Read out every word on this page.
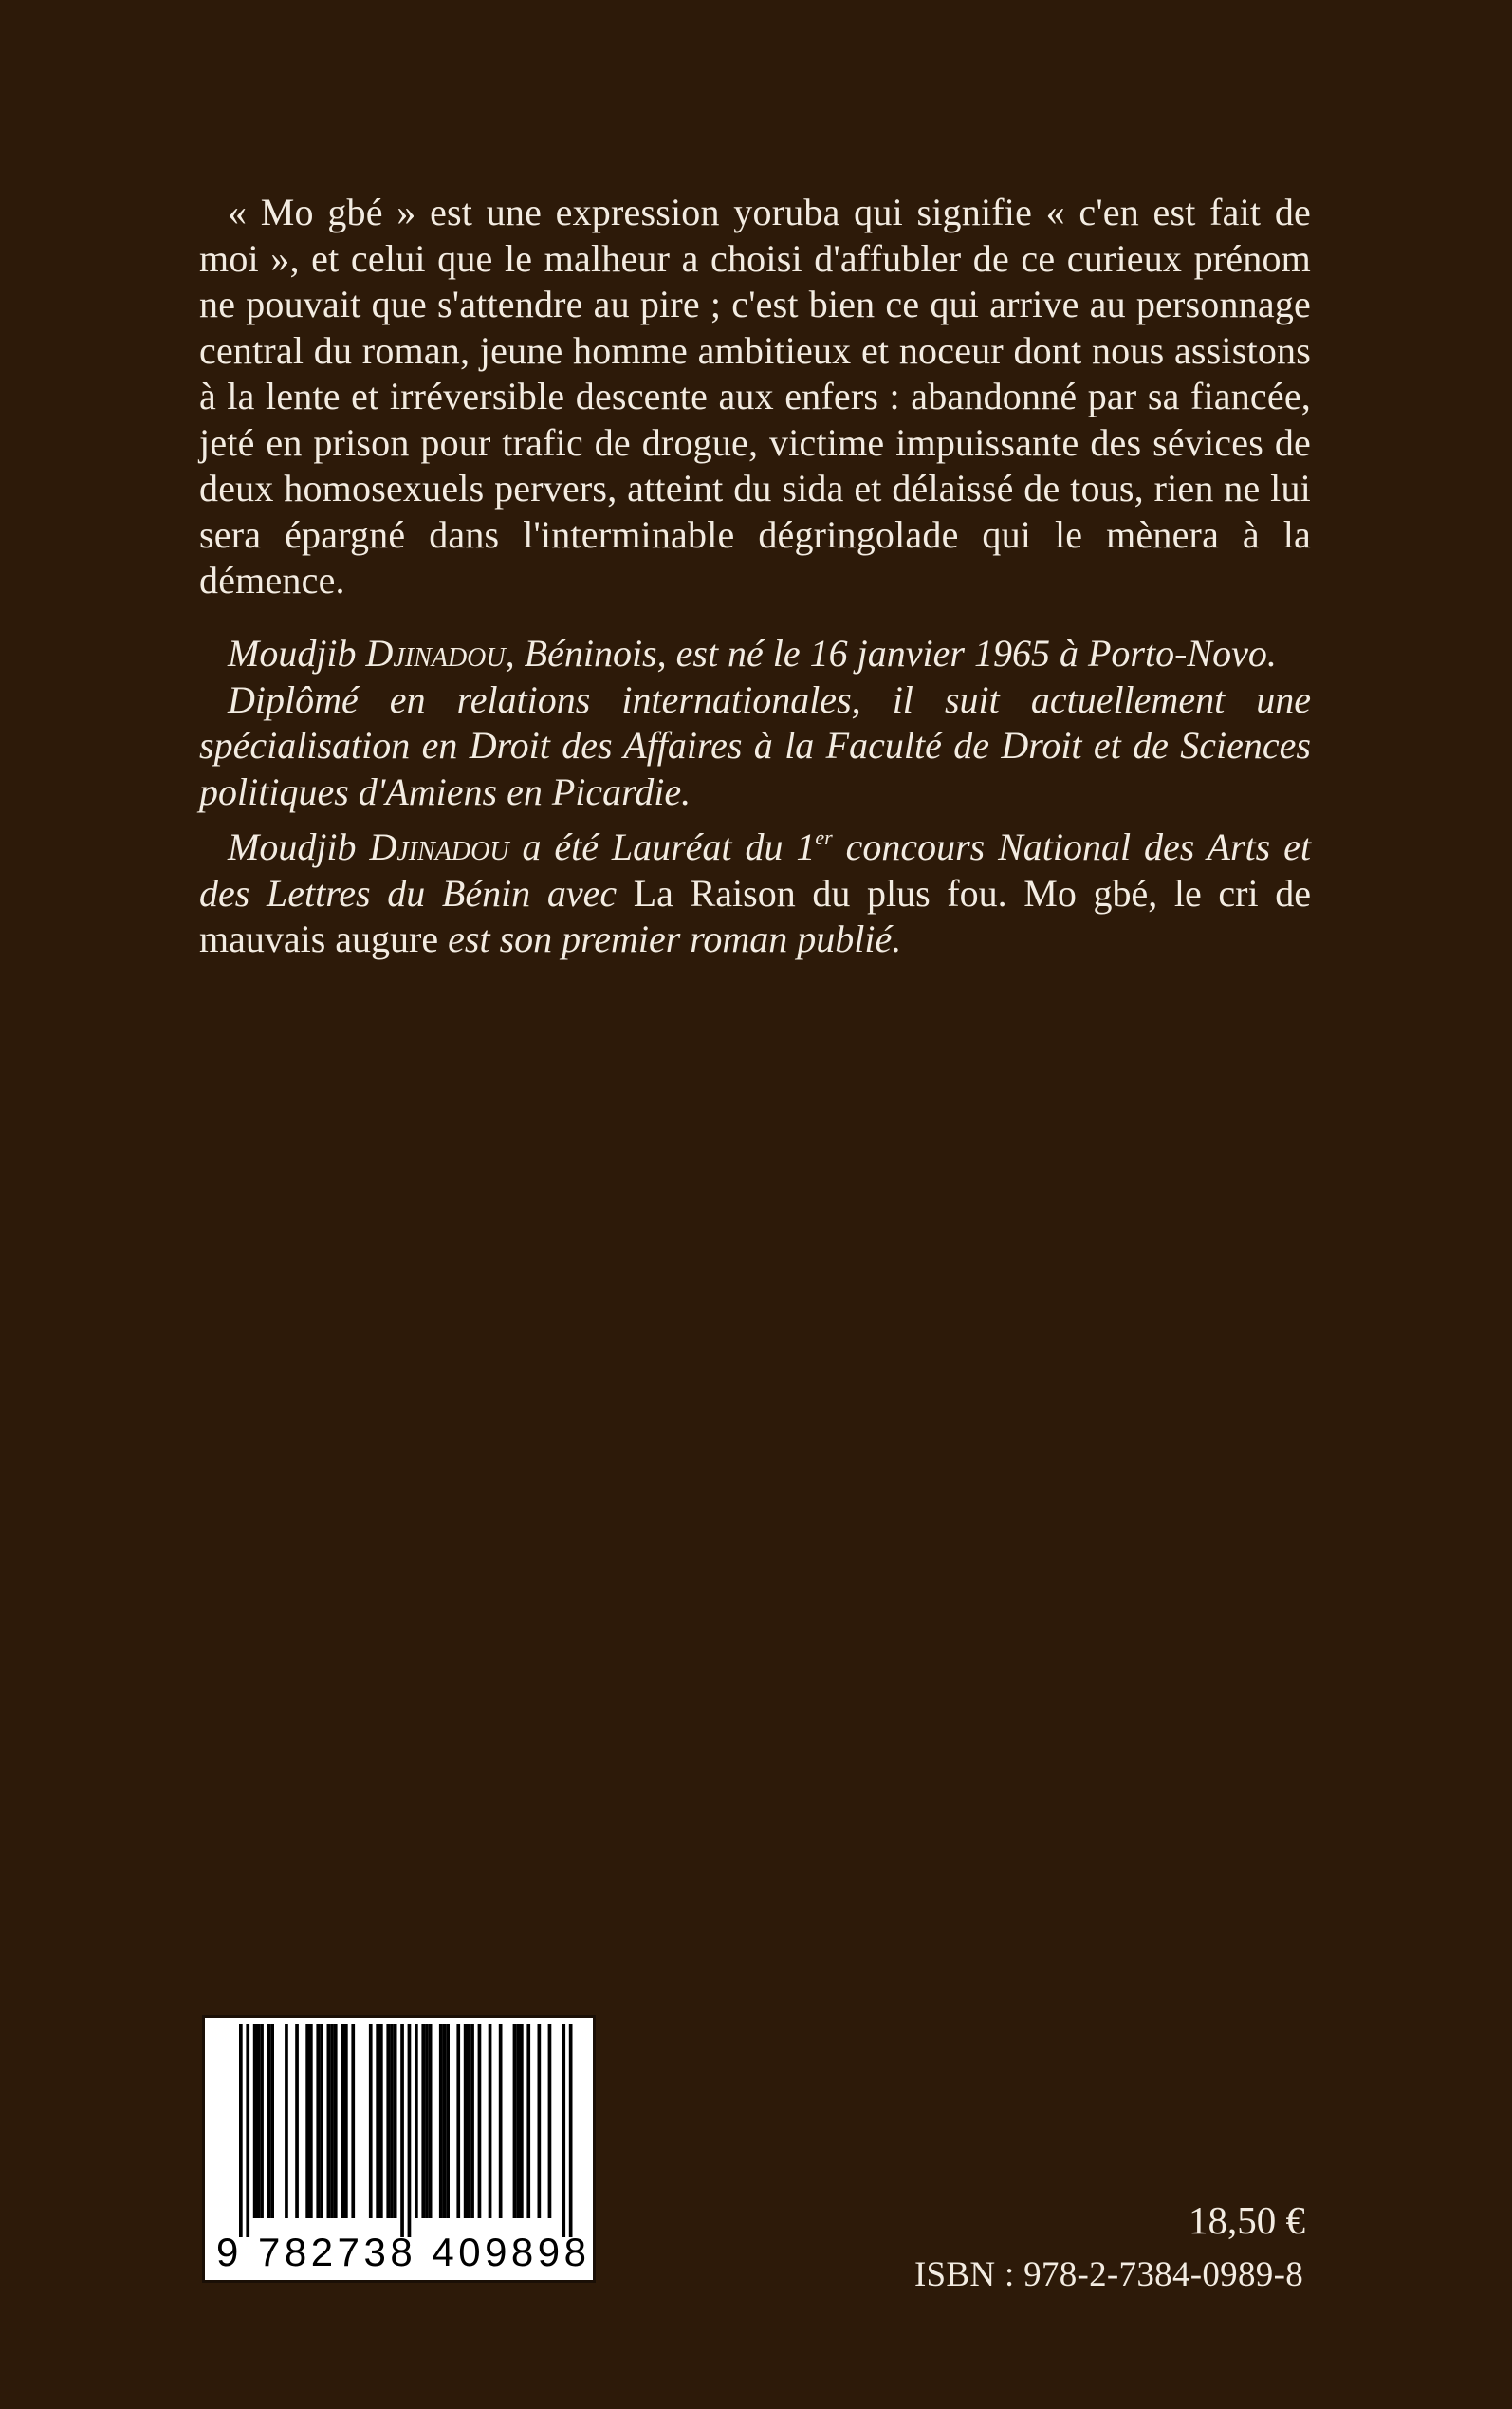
« Mo gbé » est une expression yoruba qui signifie « c'en est fait de moi », et celui que le malheur a choisi d'affubler de ce curieux prénom ne pouvait que s'attendre au pire ; c'est bien ce qui arrive au personnage central du roman, jeune homme ambitieux et noceur dont nous assistons à la lente et irréversible descente aux enfers : abandonné par sa fiancée, jeté en prison pour trafic de drogue, victime impuissante des sévices de deux homosexuels pervers, atteint du sida et délaissé de tous, rien ne lui sera épargné dans l'interminable dégringolade qui le mènera à la démence.

Moudjib Djinadou, Béninois, est né le 16 janvier 1965 à Porto-Novo.

Diplômé en relations internationales, il suit actuellement une spécialisation en Droit des Affaires à la Faculté de Droit et de Sciences politiques d'Amiens en Picardie.

Moudjib Djinadou a été Lauréat du 1er concours National des Arts et des Lettres du Bénin avec La Raison du plus fou. Mo gbé, le cri de mauvais augure est son premier roman publié.

9 782738 409898
18,50 €
ISBN : 978-2-7384-0989-8
